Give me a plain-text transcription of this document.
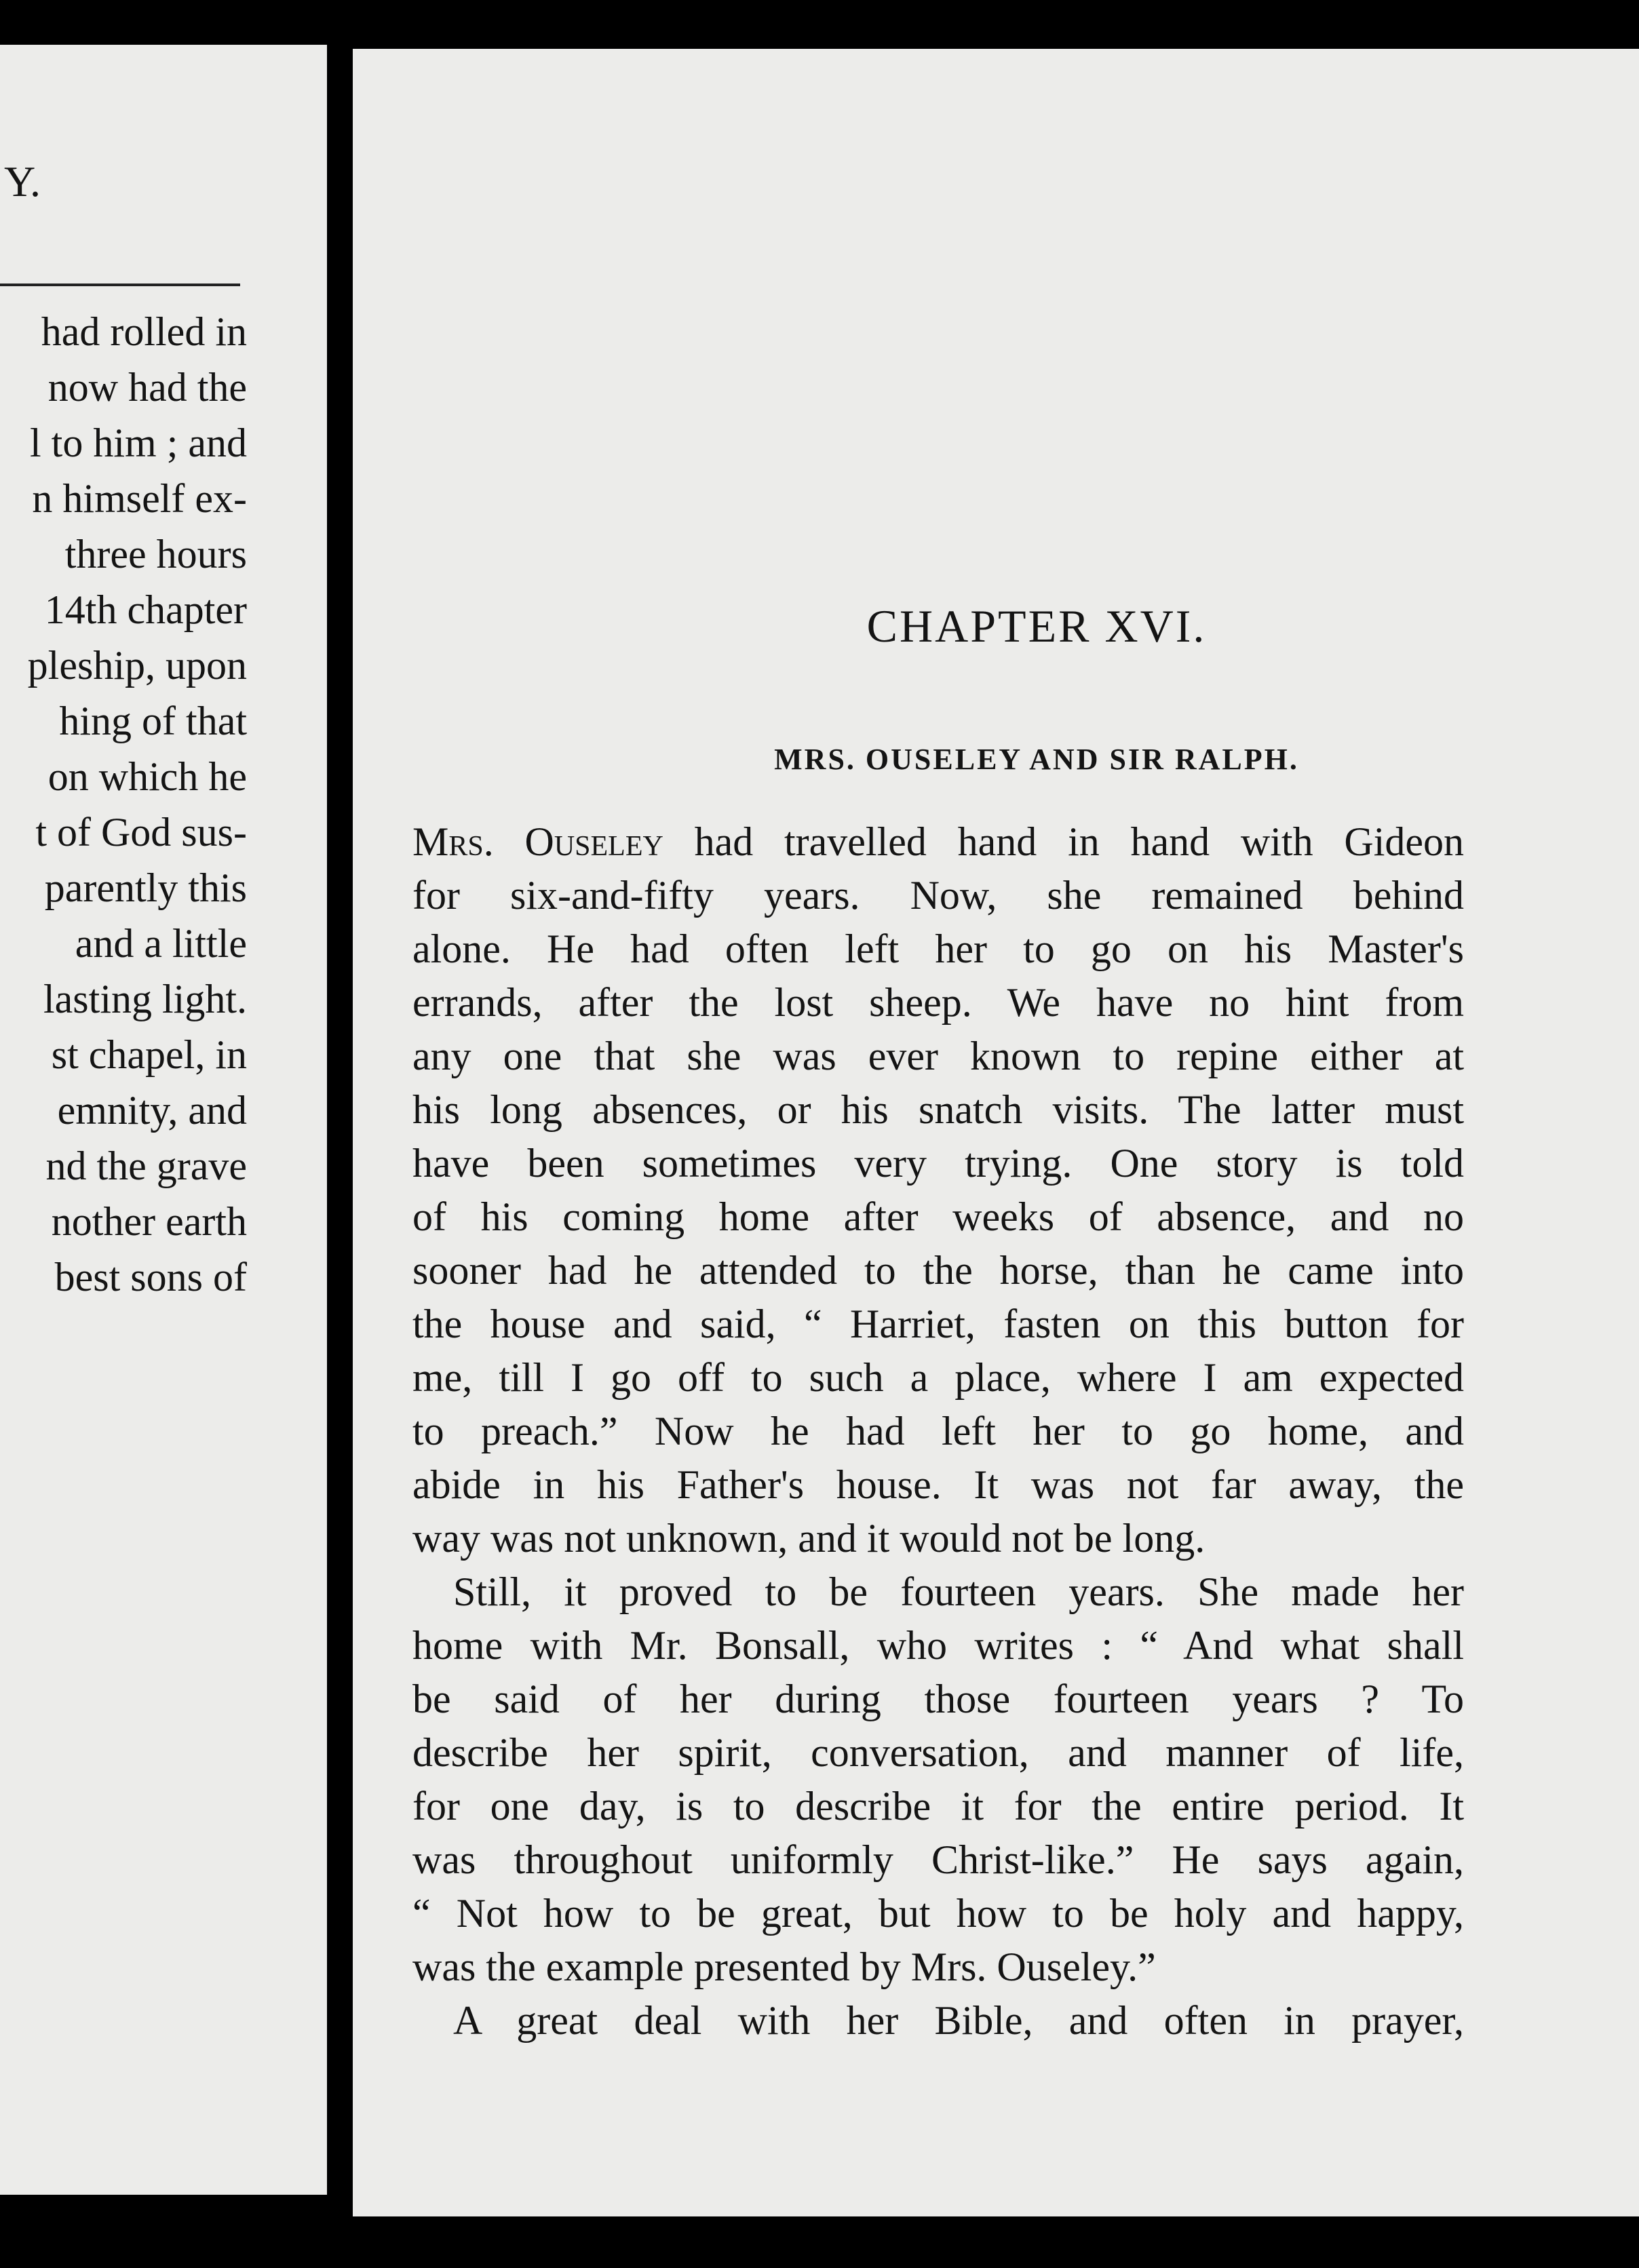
Y.
had rolled in
now had the
l to him ; and
n himself ex-
three hours
14th chapter
pleship, upon
hing of that
on which he
t of God sus-
parently this
and a little
lasting light.
st chapel, in
emnity, and
nd the grave
nother earth
best sons of
CHAPTER XVI.
MRS. OUSELEY AND SIR RALPH.
Mrs. Ouseley had travelled hand in hand with Gideon
for six-and-fifty years. Now, she remained behind
alone. He had often left her to go on his Master's
errands, after the lost sheep. We have no hint from
any one that she was ever known to repine either at
his long absences, or his snatch visits. The latter must
have been sometimes very trying. One story is told
of his coming home after weeks of absence, and no
sooner had he attended to the horse, than he came into
the house and said, “ Harriet, fasten on this button for
me, till I go off to such a place, where I am expected
to preach.” Now he had left her to go home, and
abide in his Father's house. It was not far away, the
way was not unknown, and it would not be long.
Still, it proved to be fourteen years. She made her
home with Mr. Bonsall, who writes : “ And what shall
be said of her during those fourteen years ? To
describe her spirit, conversation, and manner of life,
for one day, is to describe it for the entire period. It
was throughout uniformly Christ-like.” He says again,
“ Not how to be great, but how to be holy and happy,
was the example presented by Mrs. Ouseley.”
A great deal with her Bible, and often in prayer,
